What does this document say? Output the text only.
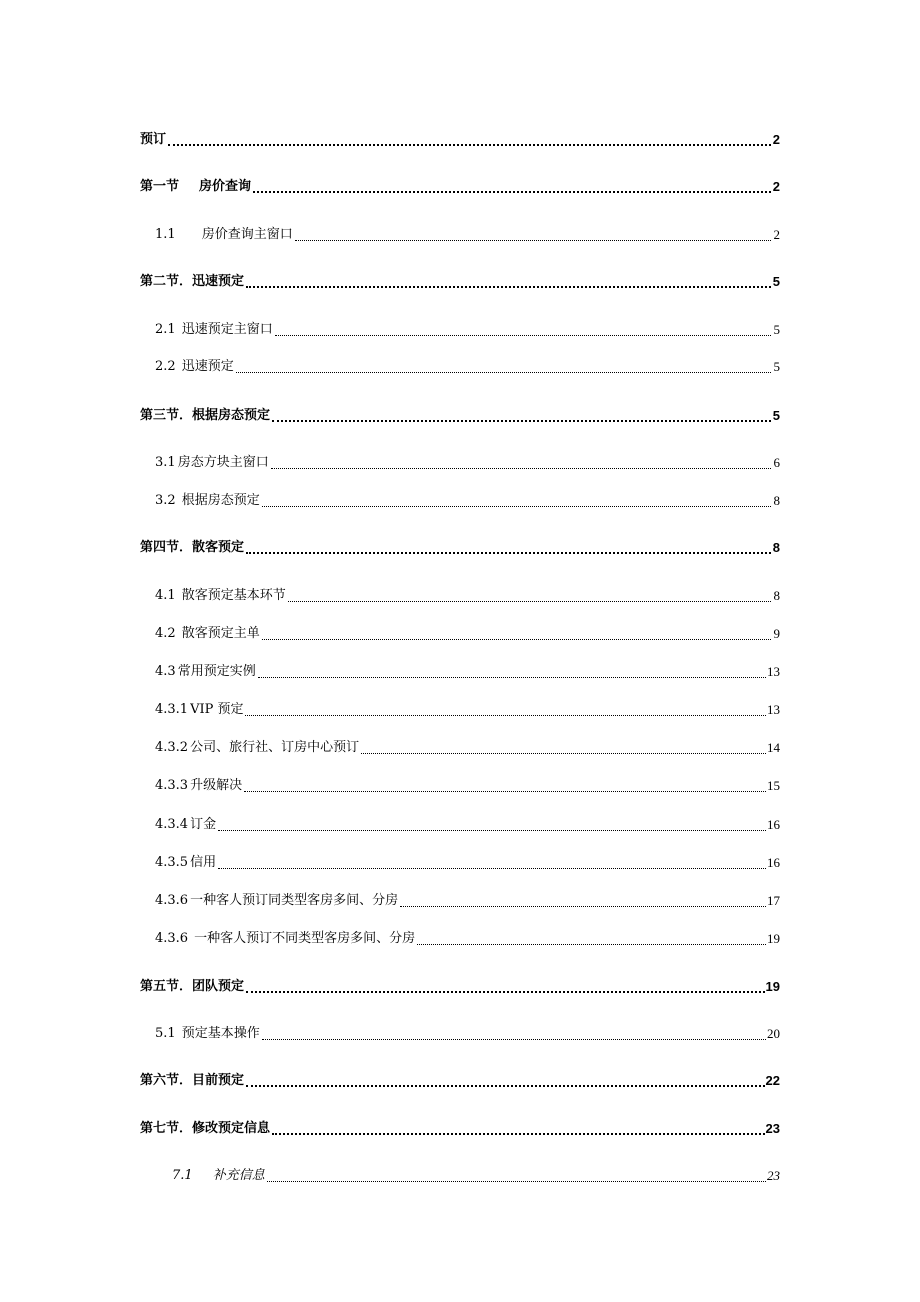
预订	2
第一节 房价查询	2
1.1 房价查询主窗口	2
第二节．迅速预定	5
2.1 迅速预定主窗口	5
2.2 迅速预定	5
第三节．根据房态预定	5
3.1 房态方块主窗口	6
3.2 根据房态预定	8
第四节．散客预定	8
4.1 散客预定基本环节	8
4.2 散客预定主单	9
4.3 常用预定实例	13
4.3.1 VIP 预定	13
4.3.2 公司、旅行社、订房中心预订	14
4.3.3 升级解决	15
4.3.4 订金	16
4.3.5 信用	16
4.3.6 一种客人预订同类型客房多间、分房	17
4.3.6 一种客人预订不同类型客房多间、分房	19
第五节．团队预定	19
5.1 预定基本操作	20
第六节．目前预定	22
第七节．修改预定信息	23
7.1 补充信息	23
